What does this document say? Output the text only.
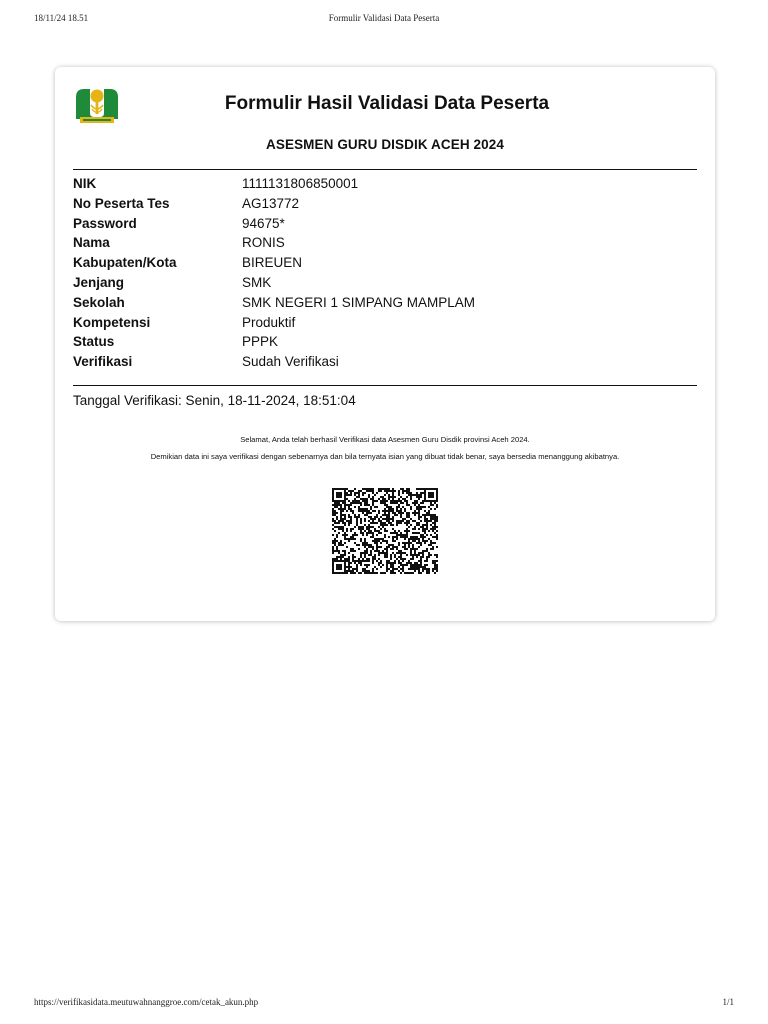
18/11/24 18.51	Formulir Validasi Data Peserta
Formulir Hasil Validasi Data Peserta
ASESMEN GURU DISDIK ACEH 2024
NIK	1111131806850001
No Peserta Tes	AG13772
Password	94675*
Nama	RONIS
Kabupaten/Kota	BIREUEN
Jenjang	SMK
Sekolah	SMK NEGERI 1 SIMPANG MAMPLAM
Kompetensi	Produktif
Status	PPPK
Verifikasi	Sudah Verifikasi
Tanggal Verifikasi: Senin, 18-11-2024, 18:51:04
Selamat, Anda telah berhasil Verifikasi data Asesmen Guru Disdik provinsi Aceh 2024.
Demikian data ini saya verifikasi dengan sebenarnya dan bila ternyata isian yang dibuat tidak benar, saya bersedia menanggung akibatnya.
https://verifikasidata.meutuwahnanggroe.com/cetak_akun.php	1/1
